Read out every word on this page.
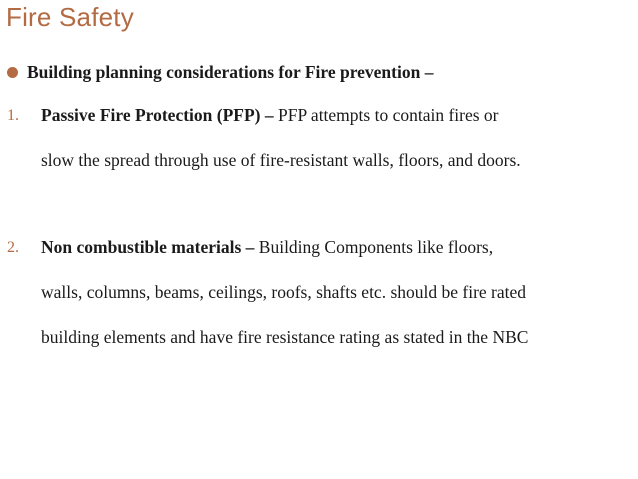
Fire Safety
Building planning considerations for Fire prevention –
1. Passive Fire Protection (PFP) – PFP attempts to contain fires or
slow the spread through use of fire-resistant walls, floors, and doors.
2. Non combustible materials – Building Components like floors,
walls, columns, beams, ceilings, roofs, shafts etc. should be fire rated
building elements and have fire resistance rating as stated in the NBC
